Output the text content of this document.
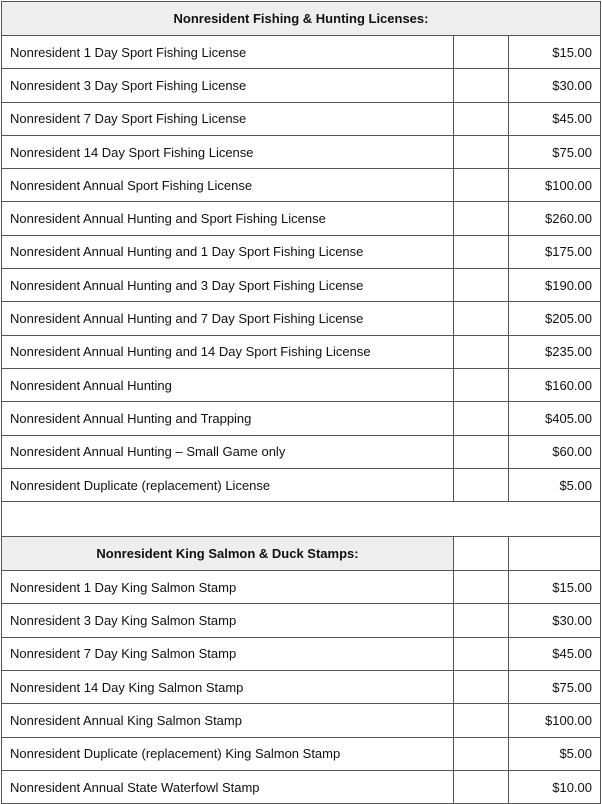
Nonresident Fishing & Hunting Licenses:		
Nonresident 1 Day Sport Fishing License		$15.00
Nonresident 3 Day Sport Fishing License		$30.00
Nonresident 7 Day Sport Fishing License		$45.00
Nonresident 14 Day Sport Fishing License		$75.00
Nonresident Annual Sport Fishing License		$100.00
Nonresident Annual Hunting and Sport Fishing License		$260.00
Nonresident Annual Hunting and 1 Day Sport Fishing License		$175.00
Nonresident Annual Hunting and 3 Day Sport Fishing License		$190.00
Nonresident Annual Hunting and 7 Day Sport Fishing License		$205.00
Nonresident Annual Hunting and 14 Day Sport Fishing License		$235.00
Nonresident Annual Hunting		$160.00
Nonresident Annual Hunting and Trapping		$405.00
Nonresident Annual Hunting – Small Game only		$60.00
Nonresident Duplicate (replacement) License		$5.00

Nonresident King Salmon & Duck Stamps:		
Nonresident 1 Day King Salmon Stamp		$15.00
Nonresident 3 Day King Salmon Stamp		$30.00
Nonresident 7 Day King Salmon Stamp		$45.00
Nonresident 14 Day King Salmon Stamp		$75.00
Nonresident Annual King Salmon Stamp		$100.00
Nonresident Duplicate (replacement) King Salmon Stamp		$5.00
Nonresident Annual State Waterfowl Stamp		$10.00
